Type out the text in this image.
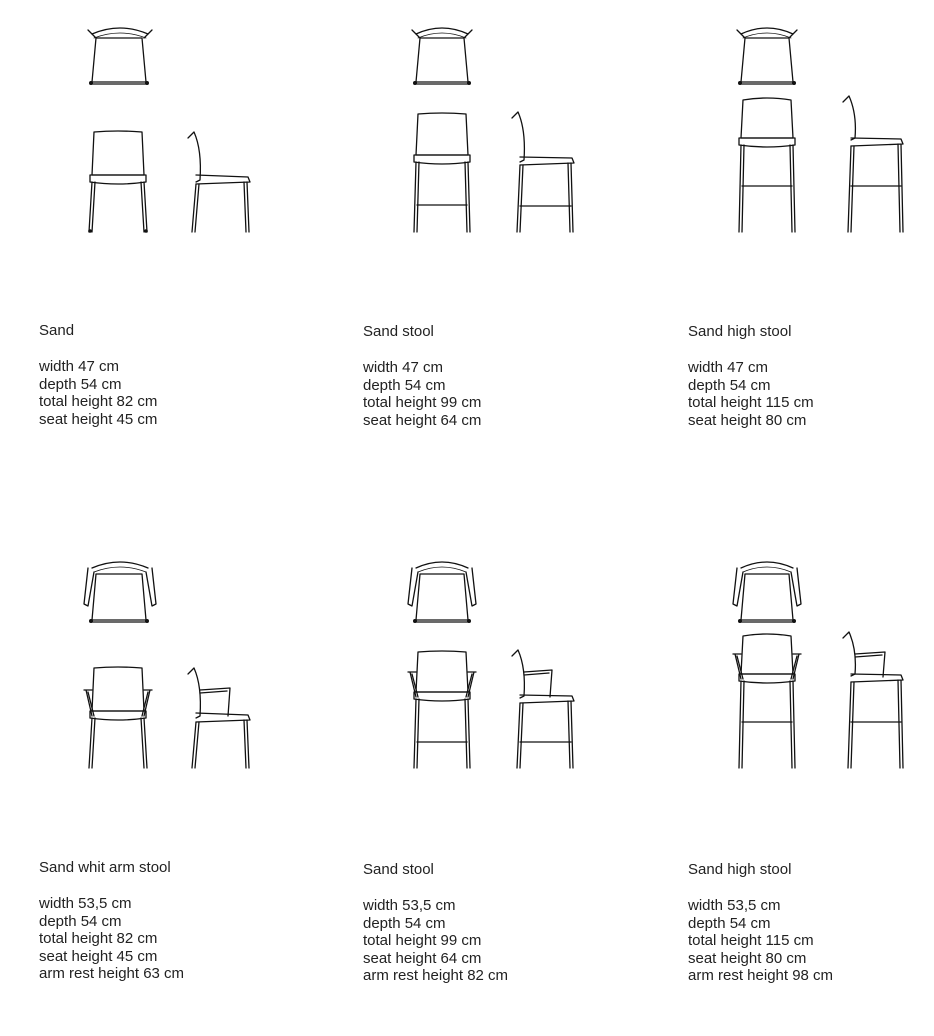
Sand
width 47 cm
depth 54 cm
total height 82 cm
seat height 45 cm
Sand stool
width 47 cm
depth 54 cm
total height 99 cm
seat height 64 cm
Sand high stool
width 47 cm
depth 54 cm
total height 115 cm
seat height 80 cm
Sand whit arm stool
width 53,5 cm
depth 54 cm
total height 82 cm
seat height 45 cm
arm rest height 63 cm
Sand stool
width 53,5 cm
depth 54 cm
total height 99 cm
seat height 64 cm
arm rest height 82 cm
Sand high stool
width 53,5 cm
depth 54 cm
total height 115 cm
seat height 80 cm
arm rest height 98 cm
